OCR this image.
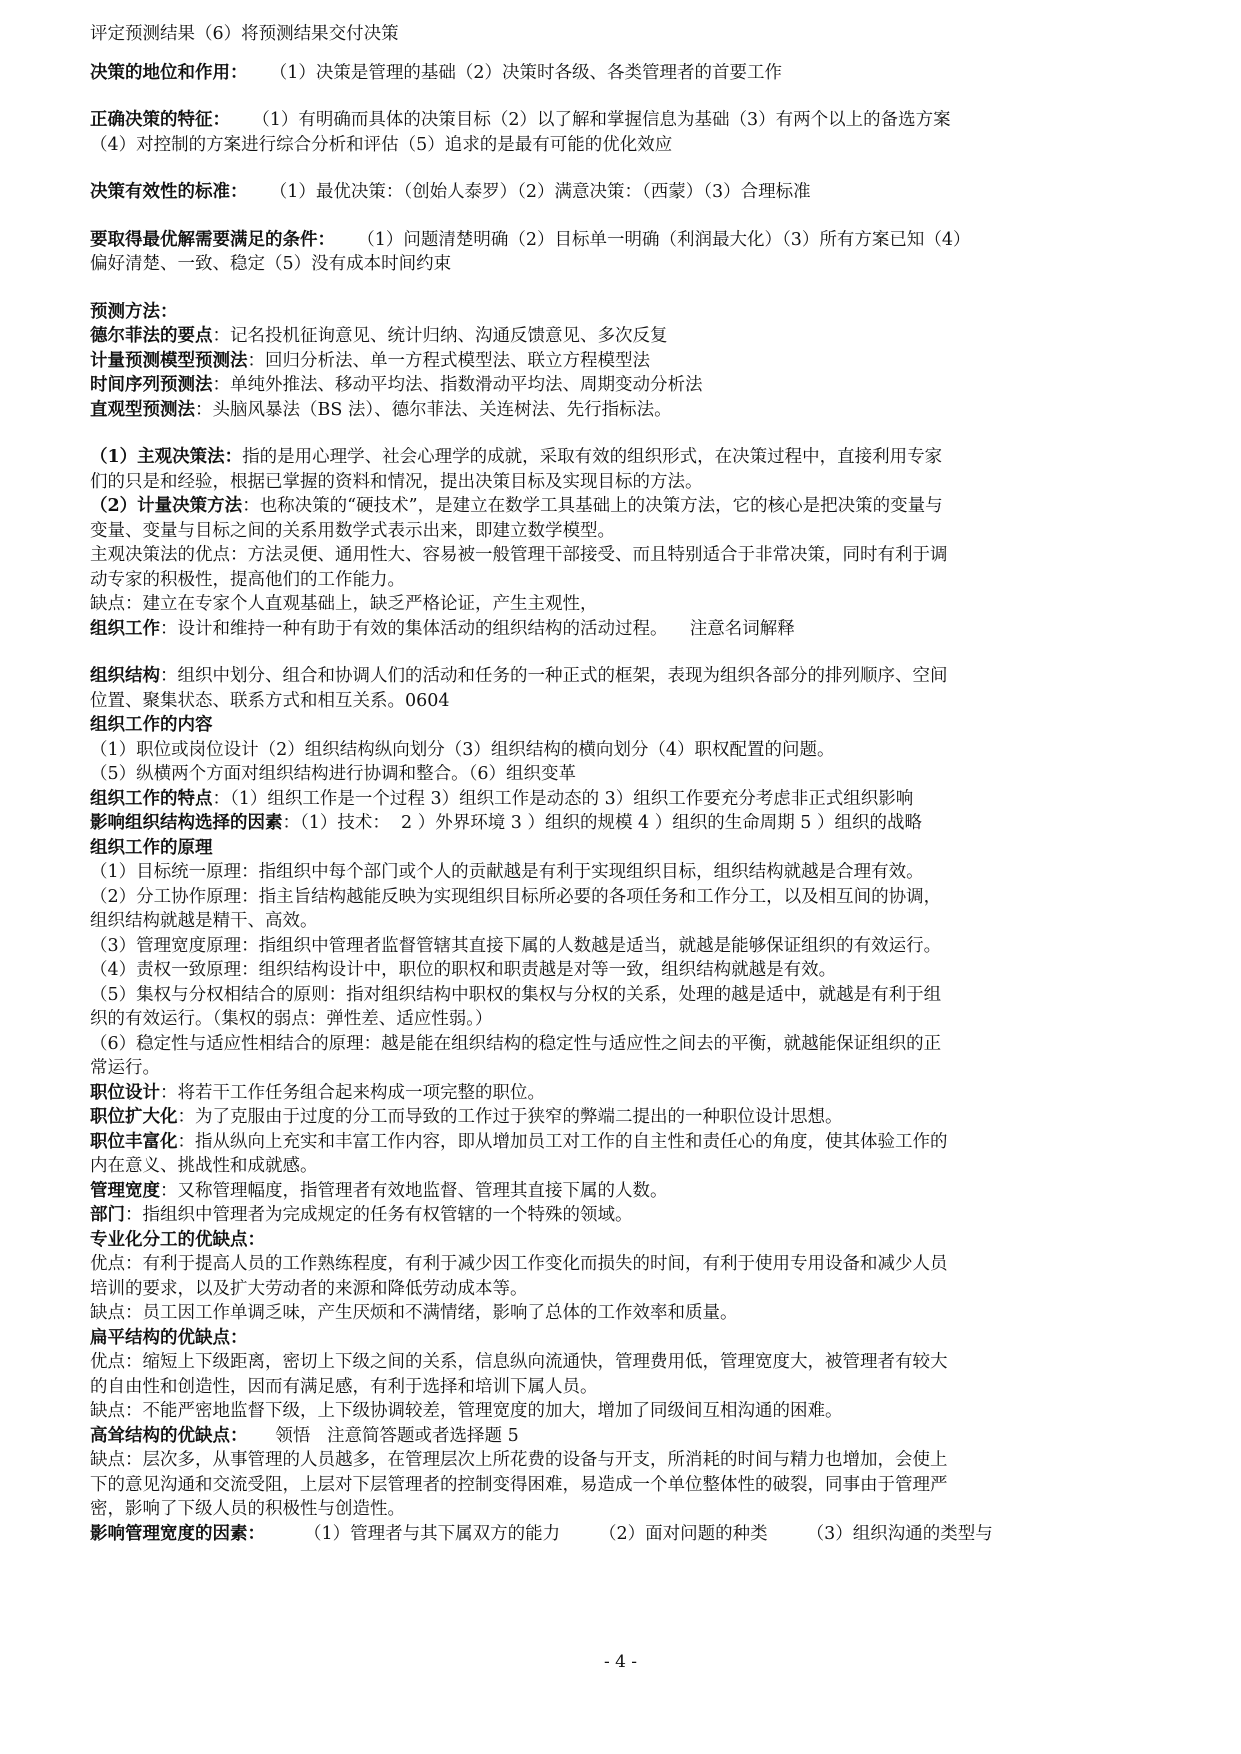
评定预测结果（6）将预测结果交付决策

决策的地位和作用：    （1）决策是管理的基础（2）决策时各级、各类管理者的首要工作

正确决策的特征：    （1）有明确而具体的决策目标（2）以了解和掌握信息为基础（3）有两个以上的备选方案

（4）对控制的方案进行综合分析和评估（5）追求的是最有可能的优化效应

决策有效性的标准：    （1）最优决策：（创始人泰罗）（2）满意决策：（西蒙）（3）合理标准

要取得最优解需要满足的条件：    （1）问题清楚明确（2）目标单一明确（利润最大化）（3）所有方案已知（4）

偏好清楚、一致、稳定（5）没有成本时间约束

预测方法：

德尔菲法的要点：记名投机征询意见、统计归纳、沟通反馈意见、多次反复

计量预测模型预测法：回归分析法、单一方程式模型法、联立方程模型法

时间序列预测法：单纯外推法、移动平均法、指数滑动平均法、周期变动分析法

直观型预测法：头脑风暴法（BS 法）、德尔菲法、关连树法、先行指标法。

（1）主观决策法：指的是用心理学、社会心理学的成就，采取有效的组织形式，在决策过程中，直接利用专家

们的只是和经验，根据已掌握的资料和情况，提出决策目标及实现目标的方法。

（2）计量决策方法：也称决策的“硬技术”，是建立在数学工具基础上的决策方法，它的核心是把决策的变量与

变量、变量与目标之间的关系用数学式表示出来，即建立数学模型。

主观决策法的优点：方法灵便、通用性大、容易被一般管理干部接受、而且特别适合于非常决策，同时有利于调

动专家的积极性，提高他们的工作能力。

缺点：建立在专家个人直观基础上，缺乏严格论证，产生主观性，

组织工作：设计和维持一种有助于有效的集体活动的组织结构的活动过程。    注意名词解释

组织结构：组织中划分、组合和协调人们的活动和任务的一种正式的框架，表现为组织各部分的排列顺序、空间

位置、聚集状态、联系方式和相互关系。0604

组织工作的内容

（1）职位或岗位设计（2）组织结构纵向划分（3）组织结构的横向划分（4）职权配置的问题。

（5）纵横两个方面对组织结构进行协调和整合。（6）组织变革

组织工作的特点：（1）组织工作是一个过程 3）组织工作是动态的 3）组织工作要充分考虑非正式组织影响

影响组织结构选择的因素：（1）技术：  2 ）外界环境 3 ）组织的规模 4 ）组织的生命周期 5 ）组织的战略

组织工作的原理

（1）目标统一原理：指组织中每个部门或个人的贡献越是有利于实现组织目标，组织结构就越是合理有效。

（2）分工协作原理：指主旨结构越能反映为实现组织目标所必要的各项任务和工作分工，以及相互间的协调，

组织结构就越是精干、高效。

（3）管理宽度原理：指组织中管理者监督管辖其直接下属的人数越是适当，就越是能够保证组织的有效运行。

（4）责权一致原理：组织结构设计中，职位的职权和职责越是对等一致，组织结构就越是有效。

（5）集权与分权相结合的原则：指对组织结构中职权的集权与分权的关系，处理的越是适中，就越是有利于组

织的有效运行。（集权的弱点：弹性差、适应性弱。）

（6）稳定性与适应性相结合的原理：越是能在组织结构的稳定性与适应性之间去的平衡，就越能保证组织的正

常运行。

职位设计：将若干工作任务组合起来构成一项完整的职位。

职位扩大化：为了克服由于过度的分工而导致的工作过于狭窄的弊端二提出的一种职位设计思想。

职位丰富化：指从纵向上充实和丰富工作内容，即从增加员工对工作的自主性和责任心的角度，使其体验工作的

内在意义、挑战性和成就感。

管理宽度：又称管理幅度，指管理者有效地监督、管理其直接下属的人数。

部门：指组织中管理者为完成规定的任务有权管辖的一个特殊的领域。

专业化分工的优缺点：

优点：有利于提高人员的工作熟练程度，有利于减少因工作变化而损失的时间，有利于使用专用设备和减少人员

培训的要求，以及扩大劳动者的来源和降低劳动成本等。

缺点：员工因工作单调乏味，产生厌烦和不满情绪，影响了总体的工作效率和质量。

扁平结构的优缺点：

优点：缩短上下级距离，密切上下级之间的关系，信息纵向流通快，管理费用低，管理宽度大，被管理者有较大

的自由性和创造性，因而有满足感，有利于选择和培训下属人员。

缺点：不能严密地监督下级，上下级协调较差，管理宽度的加大，增加了同级间互相沟通的困难。

高耸结构的优缺点：     领悟   注意简答题或者选择题 5

缺点：层次多，从事管理的人员越多，在管理层次上所花费的设备与开支，所消耗的时间与精力也增加，会使上

下的意见沟通和交流受阻，上层对下层管理者的控制变得困难，易造成一个单位整体性的破裂，同事由于管理严

密，影响了下级人员的积极性与创造性。

影响管理宽度的因素：       （1）管理者与其下属双方的能力       （2）面对问题的种类       （3）组织沟通的类型与

- 4 -
